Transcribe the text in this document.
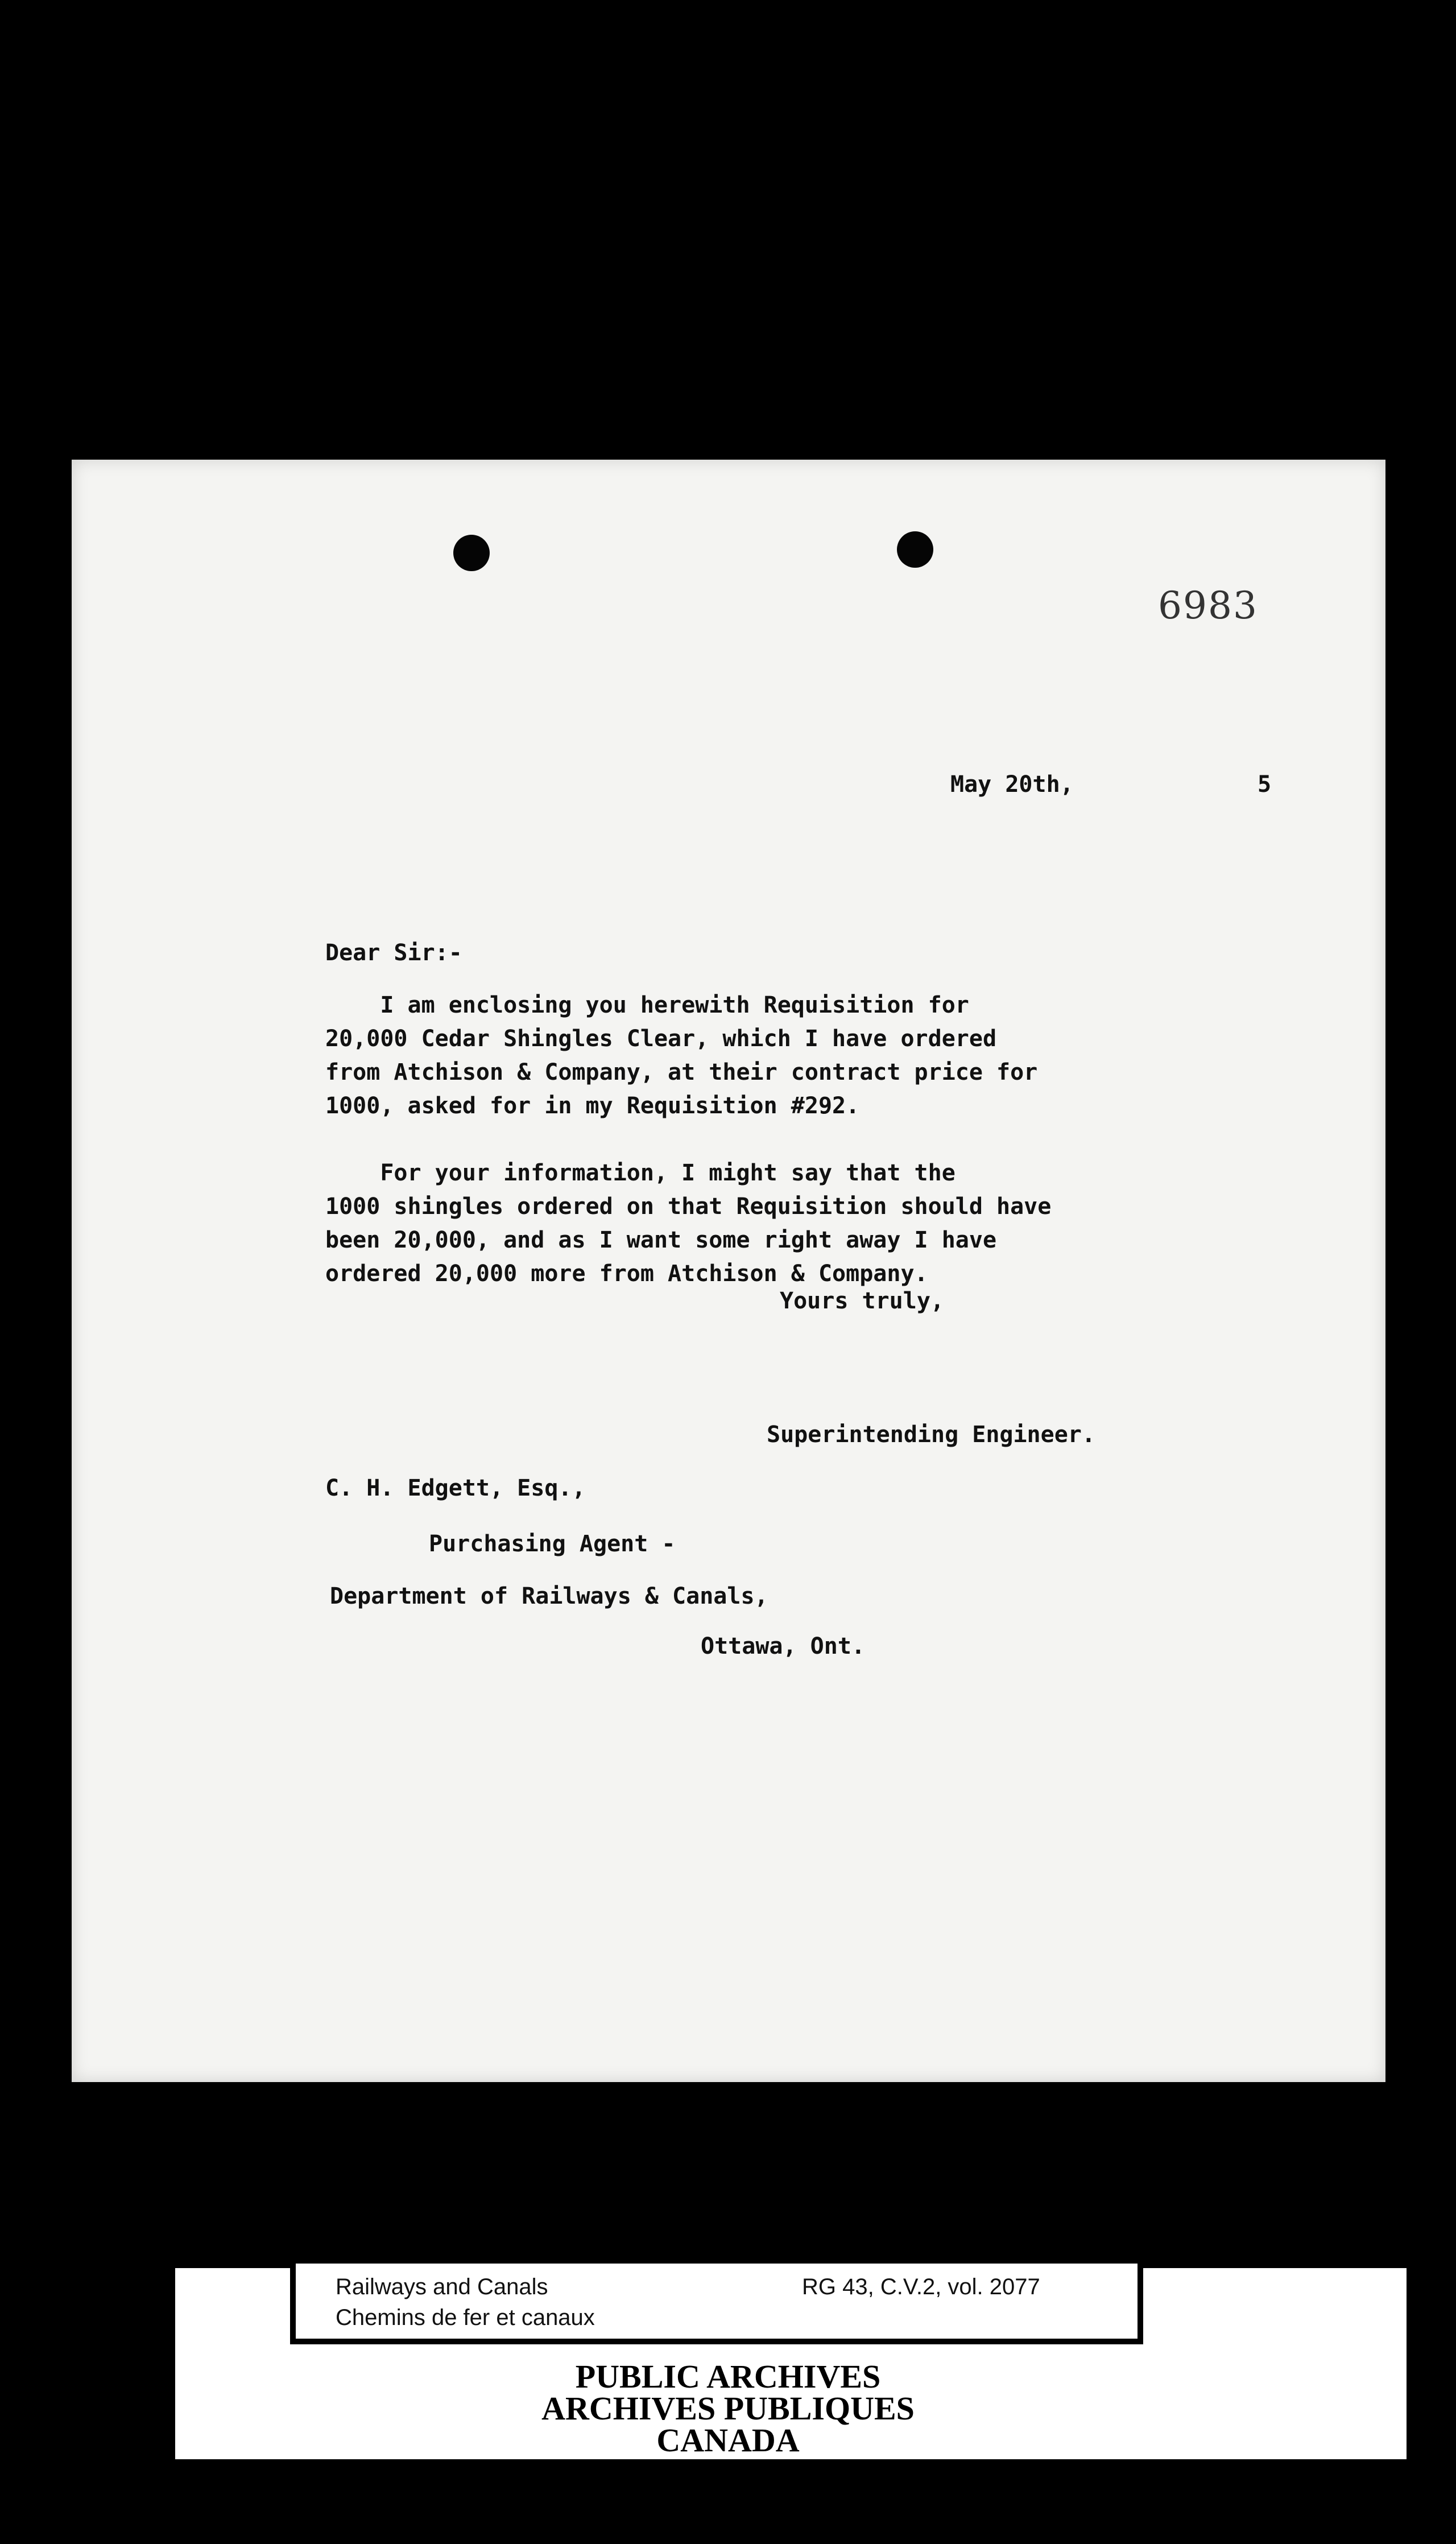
6983
May 20th,	5
Dear Sir:-
I am enclosing you herewith Requisition for
20,000 Cedar Shingles Clear, which I have ordered
from Atchison & Company, at their contract price for
1000, asked for in my Requisition #292.

For your information, I might say that the
1000 shingles ordered on that Requisition should have
been 20,000, and as I want some right away I have
ordered 20,000 more from Atchison & Company.
Yours truly,
Superintending Engineer.
C. H. Edgett, Esq.,
Purchasing Agent -
Department of Railways & Canals,
Ottawa, Ont.
Railways and Canals
Chemins de fer et canaux
RG 43, C.V.2, vol. 2077
PUBLIC ARCHIVES
ARCHIVES PUBLIQUES
CANADA
